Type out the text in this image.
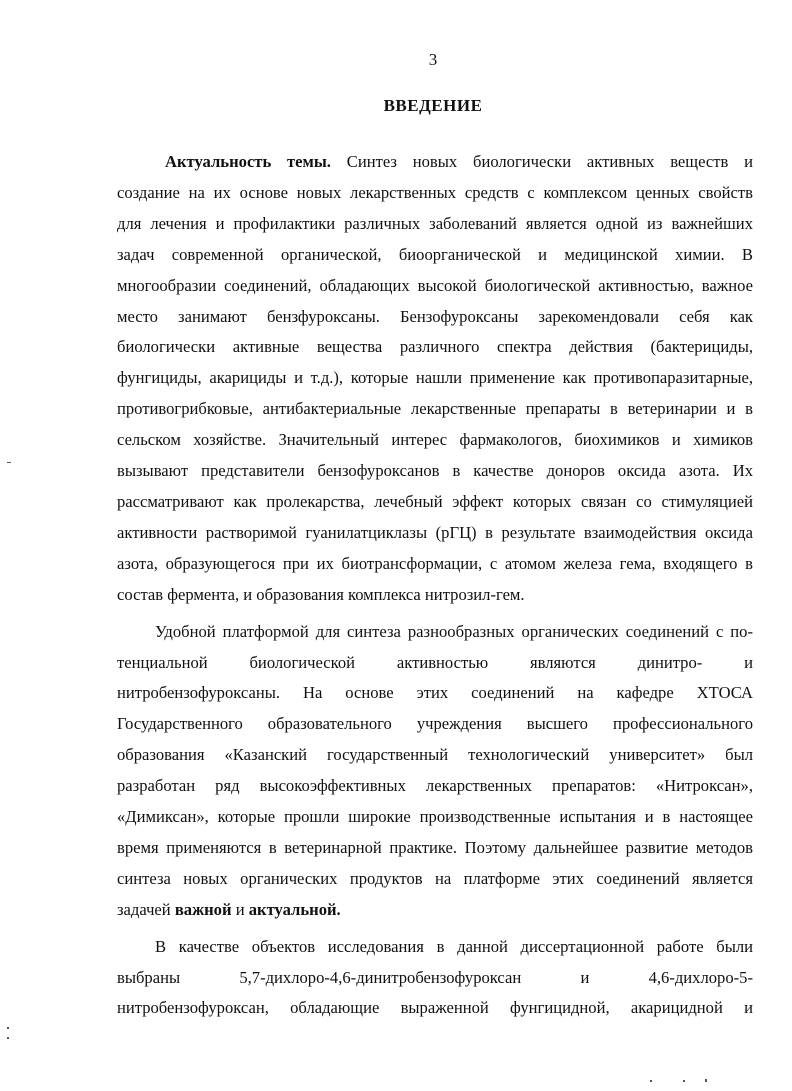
3
ВВЕДЕНИЕ
Актуальность темы. Синтез новых биологически активных веществ и
создание на их основе новых лекарственных средств с комплексом ценных свойств
для лечения и профилактики различных заболеваний является одной из важнейших
задач современной органической, биоорганической и медицинской химии. В
многообразии соединений, обладающих высокой биологической активностью, важное
место занимают бензфуроксаны. Бензофуроксаны зарекомендовали себя как
биологически активные вещества различного спектра действия (бактерициды,
фунгициды, акарициды и т.д.), которые нашли применение как противопаразитарные,
противогрибковые, антибактериальные лекарственные препараты в ветеринарии и в
сельском хозяйстве. Значительный интерес фармакологов, биохимиков и химиков
вызывают представители бензофуроксанов в качестве доноров оксида азота. Их
рассматривают как пролекарства, лечебный эффект которых связан со стимуляцией
активности растворимой гуанилатциклазы (рГЦ) в результате взаимодействия оксида
азота, образующегося при их биотрансформации, с атомом железа гема, входящего в
состав фермента, и образования комплекса нитрозил-гем.
Удобной платформой для синтеза разнообразных органических соединений с по-
тенциальной биологической активностью являются динитро- и
нитробензофуроксаны. На основе этих соединений на кафедре ХТОСА
Государственного образовательного учреждения высшего профессионального
образования «Казанский государственный технологический университет» был
разработан ряд высокоэффективных лекарственных препаратов: «Нитроксан»,
«Димиксан», которые прошли широкие производственные испытания и в настоящее
время применяются в ветеринарной практике. Поэтому дальнейшее развитие методов
синтеза новых органических продуктов на платформе этих соединений является
задачей важной и актуальной.
В качестве объектов исследования в данной диссертационной работе были
выбраны 5,7-дихлоро-4,6-динитробензофуроксан и 4,6-дихлоро-5-
нитробензофуроксан, обладающие выраженной фунгицидной, акарицидной и
